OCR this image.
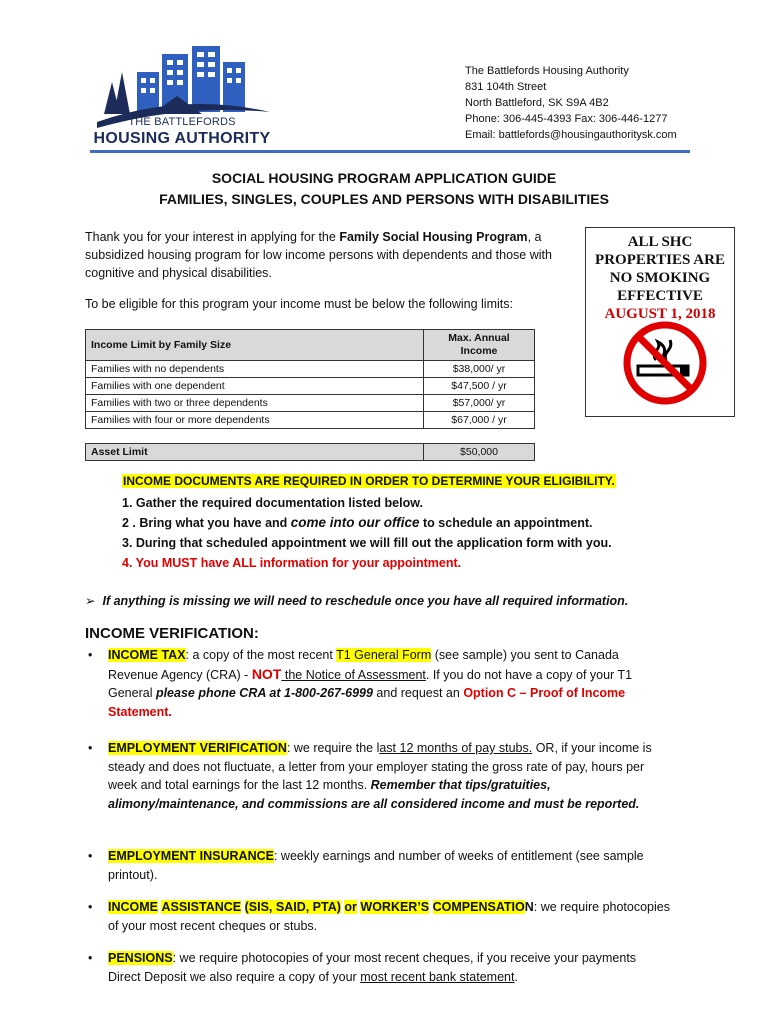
THE BATTLEFORDS
HOUSING AUTHORITY
The Battlefords Housing Authority
831 104th Street
North Battleford, SK S9A 4B2
Phone: 306-445-4393 Fax: 306-446-1277
Email: battlefords@housingauthoritysk.com
SOCIAL HOUSING PROGRAM APPLICATION GUIDE
FAMILIES, SINGLES, COUPLES AND PERSONS WITH DISABILITIES
Thank you for your interest in applying for the Family Social Housing Program, a subsidized housing program for low income persons with dependents and those with cognitive and physical disabilities.
To be eligible for this program your income must be below the following limits:
Income Limit by Family Size	Max. Annual Income
Families with no dependents	$38,000/ yr
Families with one dependent	$47,500 / yr
Families with two or three dependents	$57,000/ yr
Families with four or more dependents	$67,000 / yr
Asset Limit	$50,000
ALL SHC
PROPERTIES ARE
NO SMOKING
EFFECTIVE
AUGUST 1, 2018
INCOME DOCUMENTS ARE REQUIRED IN ORDER TO DETERMINE YOUR ELIGIBILITY.
1. Gather the required documentation listed below.
2 . Bring what you have and come into our office to schedule an appointment.
3. During that scheduled appointment we will fill out the application form with you.
4. You MUST have ALL information for your appointment.
➢ If anything is missing we will need to reschedule once you have all required information.
INCOME VERIFICATION:
•	INCOME TAX: a copy of the most recent T1 General Form (see sample) you sent to Canada Revenue Agency (CRA) - NOT the Notice of Assessment. If you do not have a copy of your T1 General please phone CRA at 1-800-267-6999 and request an Option C – Proof of Income Statement.
•	EMPLOYMENT VERIFICATION: we require the last 12 months of pay stubs. OR, if your income is steady and does not fluctuate, a letter from your employer stating the gross rate of pay, hours per week and total earnings for the last 12 months. Remember that tips/gratuities, alimony/maintenance, and commissions are all considered income and must be reported.
•	EMPLOYMENT INSURANCE: weekly earnings and number of weeks of entitlement (see sample printout).
•	INCOME ASSISTANCE (SIS, SAID, PTA) or WORKER’S COMPENSATION: we require photocopies of your most recent cheques or stubs.
•	PENSIONS: we require photocopies of your most recent cheques, if you receive your payments Direct Deposit we also require a copy of your most recent bank statement.
